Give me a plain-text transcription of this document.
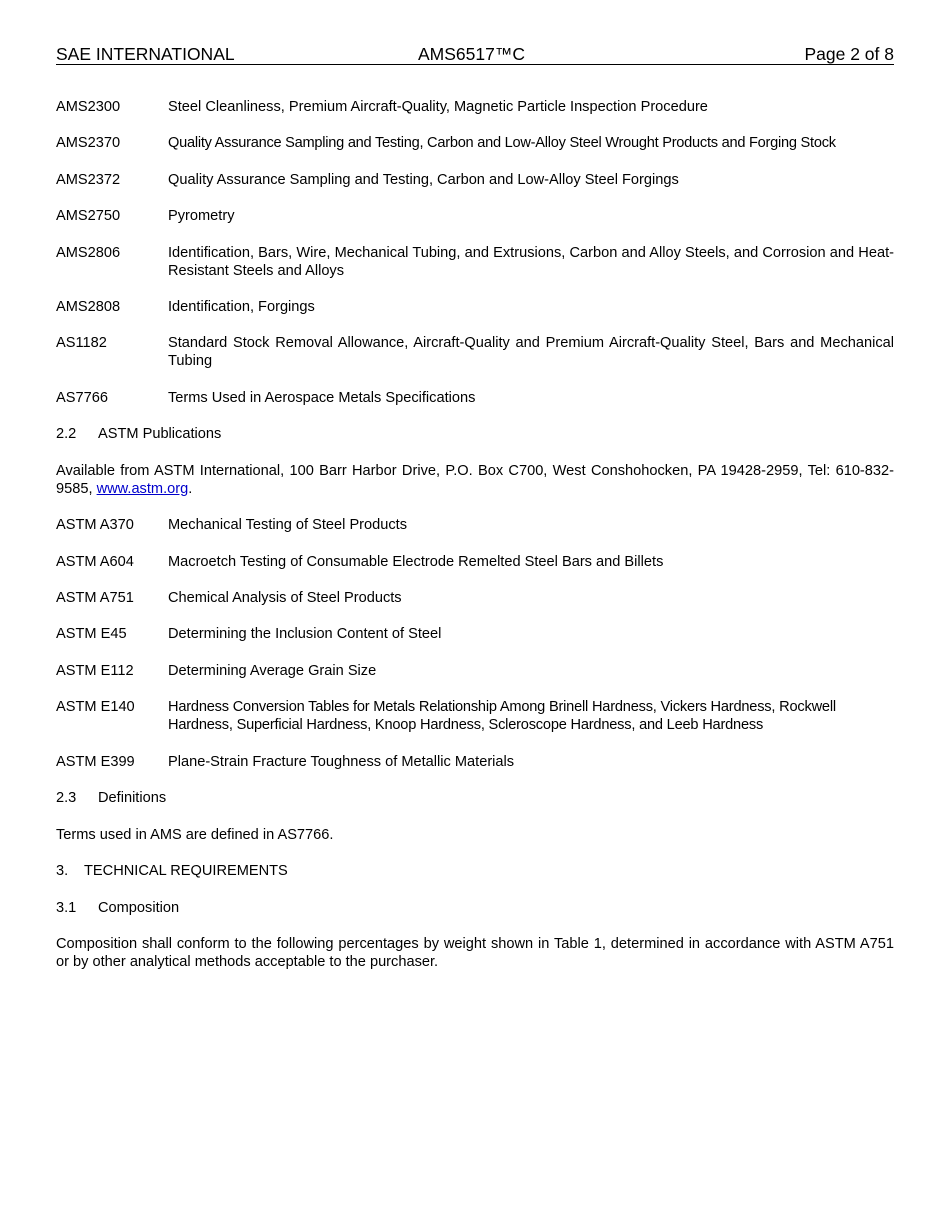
SAE INTERNATIONAL	AMS6517™C	Page 2 of 8
AMS2300	Steel Cleanliness, Premium Aircraft-Quality, Magnetic Particle Inspection Procedure
AMS2370	Quality Assurance Sampling and Testing, Carbon and Low-Alloy Steel Wrought Products and Forging Stock
AMS2372	Quality Assurance Sampling and Testing, Carbon and Low-Alloy Steel Forgings
AMS2750	Pyrometry
AMS2806	Identification, Bars, Wire, Mechanical Tubing, and Extrusions, Carbon and Alloy Steels, and Corrosion and Heat-Resistant Steels and Alloys
AMS2808	Identification, Forgings
AS1182	Standard Stock Removal Allowance, Aircraft-Quality and Premium Aircraft-Quality Steel, Bars and Mechanical Tubing
AS7766	Terms Used in Aerospace Metals Specifications
2.2 ASTM Publications
Available from ASTM International, 100 Barr Harbor Drive, P.O. Box C700, West Conshohocken, PA 19428-2959, Tel: 610-832-9585, www.astm.org.
ASTM A370	Mechanical Testing of Steel Products
ASTM A604	Macroetch Testing of Consumable Electrode Remelted Steel Bars and Billets
ASTM A751	Chemical Analysis of Steel Products
ASTM E45	Determining the Inclusion Content of Steel
ASTM E112	Determining Average Grain Size
ASTM E140	Hardness Conversion Tables for Metals Relationship Among Brinell Hardness, Vickers Hardness, Rockwell Hardness, Superficial Hardness, Knoop Hardness, Scleroscope Hardness, and Leeb Hardness
ASTM E399	Plane-Strain Fracture Toughness of Metallic Materials
2.3 Definitions
Terms used in AMS are defined in AS7766.
3. TECHNICAL REQUIREMENTS
3.1 Composition
Composition shall conform to the following percentages by weight shown in Table 1, determined in accordance with ASTM A751 or by other analytical methods acceptable to the purchaser.
